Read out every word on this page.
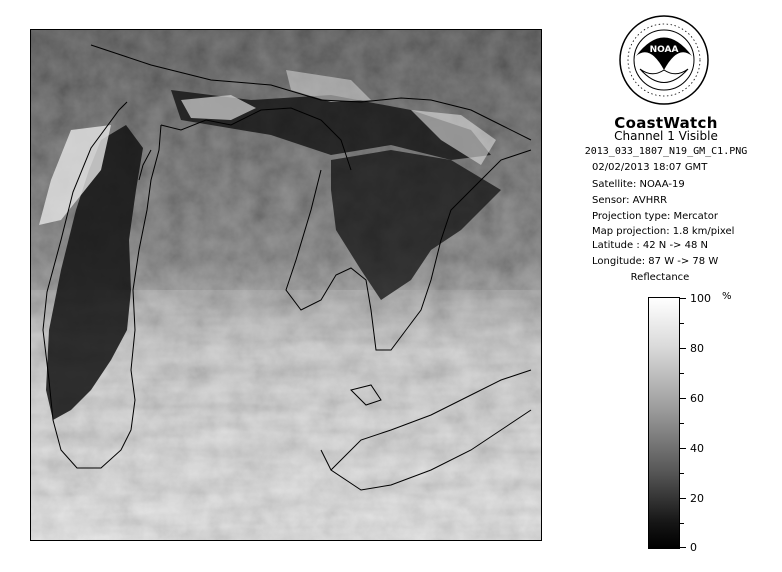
NOAA
CoastWatch
Channel 1 Visible
2013_033_1807_N19_GM_C1.PNG
02/02/2013 18:07 GMT
Satellite: NOAA-19
Sensor: AVHRR
Projection type: Mercator
Map projection: 1.8 km/pixel
Latitude : 42 N -> 48 N
Longitude: 87 W -> 78 W
Reflectance
%
100
80
60
40
20
0
